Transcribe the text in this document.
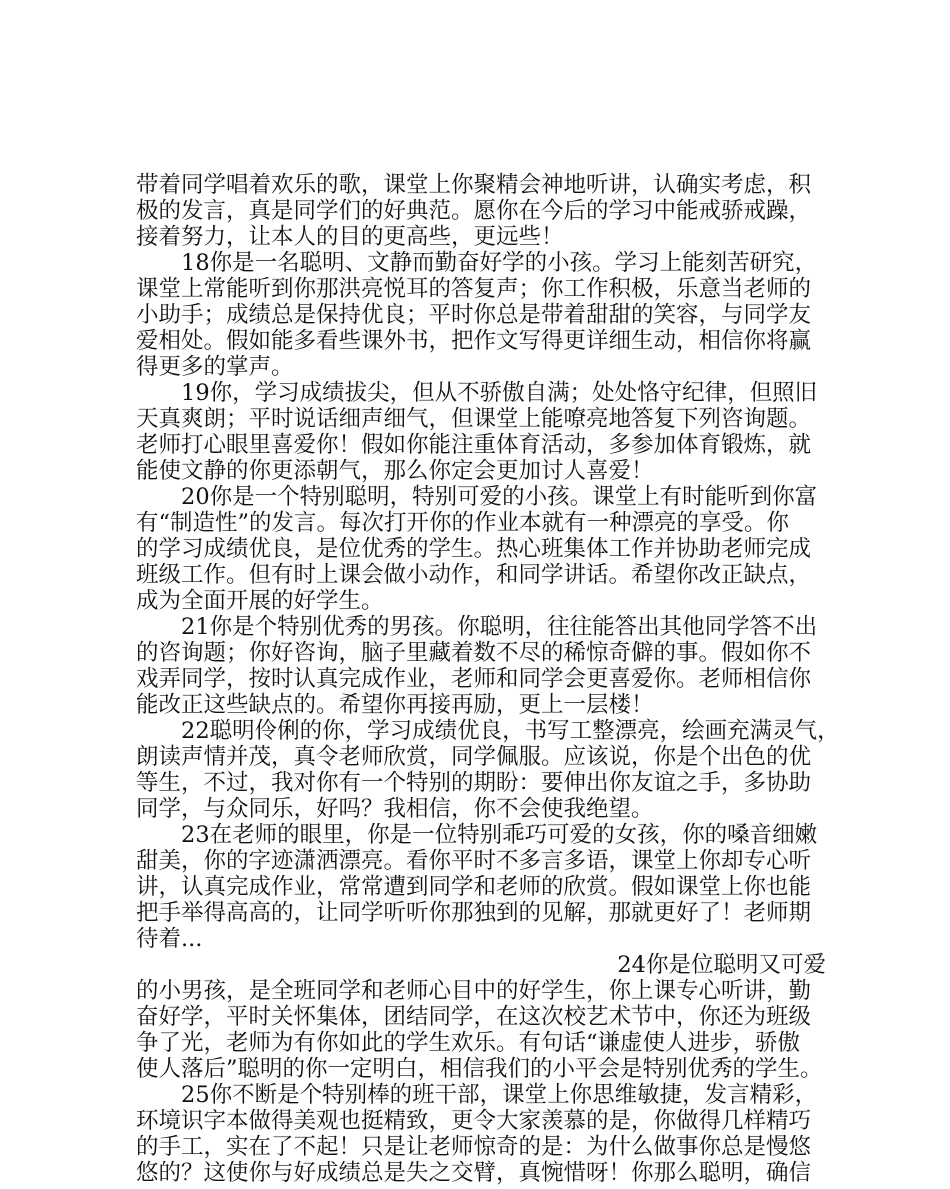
带着同学唱着欢乐的歌，课堂上你聚精会神地听讲，认确实考虑，积
极的发言，真是同学们的好典范。愿你在今后的学习中能戒骄戒躁，
接着努力，让本人的目的更高些，更远些！
18你是一名聪明、文静而勤奋好学的小孩。学习上能刻苦研究，
课堂上常能听到你那洪亮悦耳的答复声；你工作积极，乐意当老师的
小助手；成绩总是保持优良；平时你总是带着甜甜的笑容，与同学友
爱相处。假如能多看些课外书，把作文写得更详细生动，相信你将赢
得更多的掌声。
19你，学习成绩拔尖，但从不骄傲自满；处处恪守纪律，但照旧
天真爽朗；平时说话细声细气，但课堂上能嘹亮地答复下列咨询题。
老师打心眼里喜爱你！假如你能注重体育活动，多参加体育锻炼，就
能使文静的你更添朝气，那么你定会更加讨人喜爱！
20你是一个特别聪明，特别可爱的小孩。课堂上有时能听到你富
有“制造性”的发言。每次打开你的作业本就有一种漂亮的享受。你
的学习成绩优良，是位优秀的学生。热心班集体工作并协助老师完成
班级工作。但有时上课会做小动作，和同学讲话。希望你改正缺点，
成为全面开展的好学生。
21你是个特别优秀的男孩。你聪明，往往能答出其他同学答不出
的咨询题；你好咨询，脑子里藏着数不尽的稀惊奇僻的事。假如你不
戏弄同学，按时认真完成作业，老师和同学会更喜爱你。老师相信你
能改正这些缺点的。希望你再接再励，更上一层楼！
22聪明伶俐的你，学习成绩优良，书写工整漂亮，绘画充满灵气，
朗读声情并茂，真令老师欣赏，同学佩服。应该说，你是个出色的优
等生，不过，我对你有一个特别的期盼：要伸出你友谊之手，多协助
同学，与众同乐，好吗？我相信，你不会使我绝望。
23在老师的眼里，你是一位特别乖巧可爱的女孩，你的嗓音细嫩
甜美，你的字迹潇洒漂亮。看你平时不多言多语，课堂上你却专心听
讲，认真完成作业，常常遭到同学和老师的欣赏。假如课堂上你也能
把手举得高高的，让同学听听你那独到的见解，那就更好了！老师期
待着...
24你是位聪明又可爱
的小男孩，是全班同学和老师心目中的好学生，你上课专心听讲，勤
奋好学，平时关怀集体，团结同学，在这次校艺术节中，你还为班级
争了光，老师为有你如此的学生欢乐。有句话“谦虚使人进步，骄傲
使人落后”聪明的你一定明白，相信我们的小平会是特别优秀的学生。
25你不断是个特别棒的班干部，课堂上你思维敏捷，发言精彩，
环境识字本做得美观也挺精致，更令大家羡慕的是，你做得几样精巧
的手工，实在了不起！只是让老师惊奇的是：为什么做事你总是慢悠
悠的？这使你与好成绩总是失之交臂，真惋惜呀！你那么聪明，确信
